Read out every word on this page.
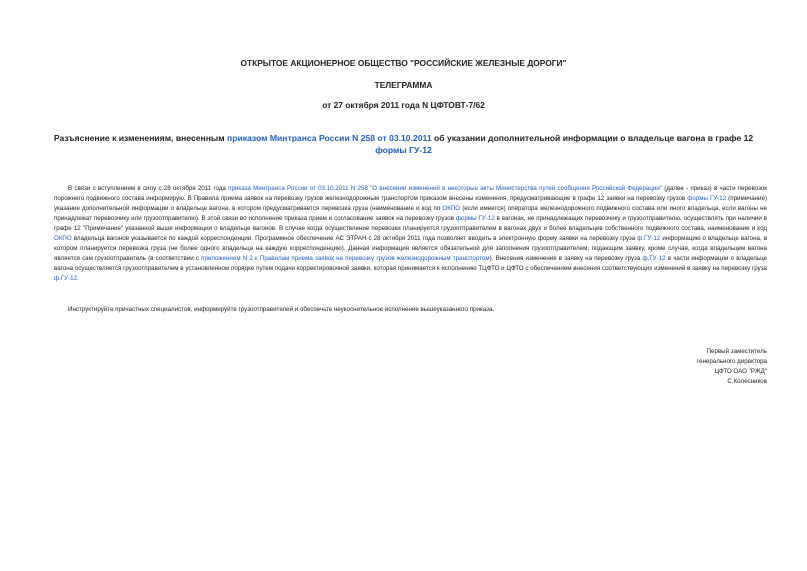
ОТКРЫТОЕ АКЦИОНЕРНОЕ ОБЩЕСТВО "РОССИЙСКИЕ ЖЕЛЕЗНЫЕ ДОРОГИ"
ТЕЛЕГРАММА
от 27 октября 2011 года N ЦФТОВТ-7/62
Разъяснение к изменениям, внесенным приказом Минтранса России N 258 от 03.10.2011 об указании дополнительной информации о владельце вагона в графе 12 формы ГУ-12

В связи с вступлением в силу с 28 октября 2011 года приказа Минтранса России от 03.10.2011 N 258 "О внесении изменений в некоторые акты Министерства путей сообщения Российской Федерации" (далее - приказ) в части перевозок порожнего подвижного состава информирую. В Правила приема заявок на перевозку грузов железнодорожным транспортом приказом внесены изменения, предусматривающие в графе 12 заявки на перевозку грузов формы ГУ-12 (примечание) указание дополнительной информации о владельце вагона, в котором предусматривается перевозка груза (наименование и код по ОКПО (если имеется) оператора железнодорожного подвижного состава или иного владельца, если вагоны не принадлежат перевозчику или грузоотправителю). В этой связи во исполнение приказа прием и согласование заявок на перевозку грузов формы ГУ-12 в вагонах, не принадлежащих перевозчику и грузоотправителю, осуществлять при наличии в графе 12 "Примечание" указанной выше информации о владельце вагонов. В случае когда осуществление перевозки планируется грузоотправителем в вагонах двух и более владельцев собственного подвижного состава, наименование и код ОКПО владельца вагонов указывается по каждой корреспонденции. Программное обеспечение АС ЭТРАН с 28 октября 2011 года позволяет вводить в электронную форму заявки на перевозку груза ф.ГУ-12 информацию о владельце вагона, в котором планируется перевозка груза (не более одного владельца на каждую корреспонденцию). Данная информация является обязательной для заполнения грузоотправителем, подающим заявку, кроме случая, когда владельцем вагона является сам грузоотправитель (в соответствии с приложением N 2 к Правилам приема заявок на перевозку грузов железнодорожным транспортом). Внесения изменения в заявку на перевозку груза ф.ГУ-12 в части информации о владельце вагона осуществляется грузоотправителем в установленном порядке путем подачи корректировочной заявки, которая принимается к исполнению ТЦФТО и ЦФТО с обеспечением внесения соответствующих изменений в заявку на перевозку груза ф.ГУ-12.

Инструктируйте причастных специалистов, информируйте грузоотправителей и обеспечьте неукоснительное исполнение вышеуказанного приказа.

Первый заместитель
генерального директора
ЦФТО ОАО "РЖД"
С.Колесников
